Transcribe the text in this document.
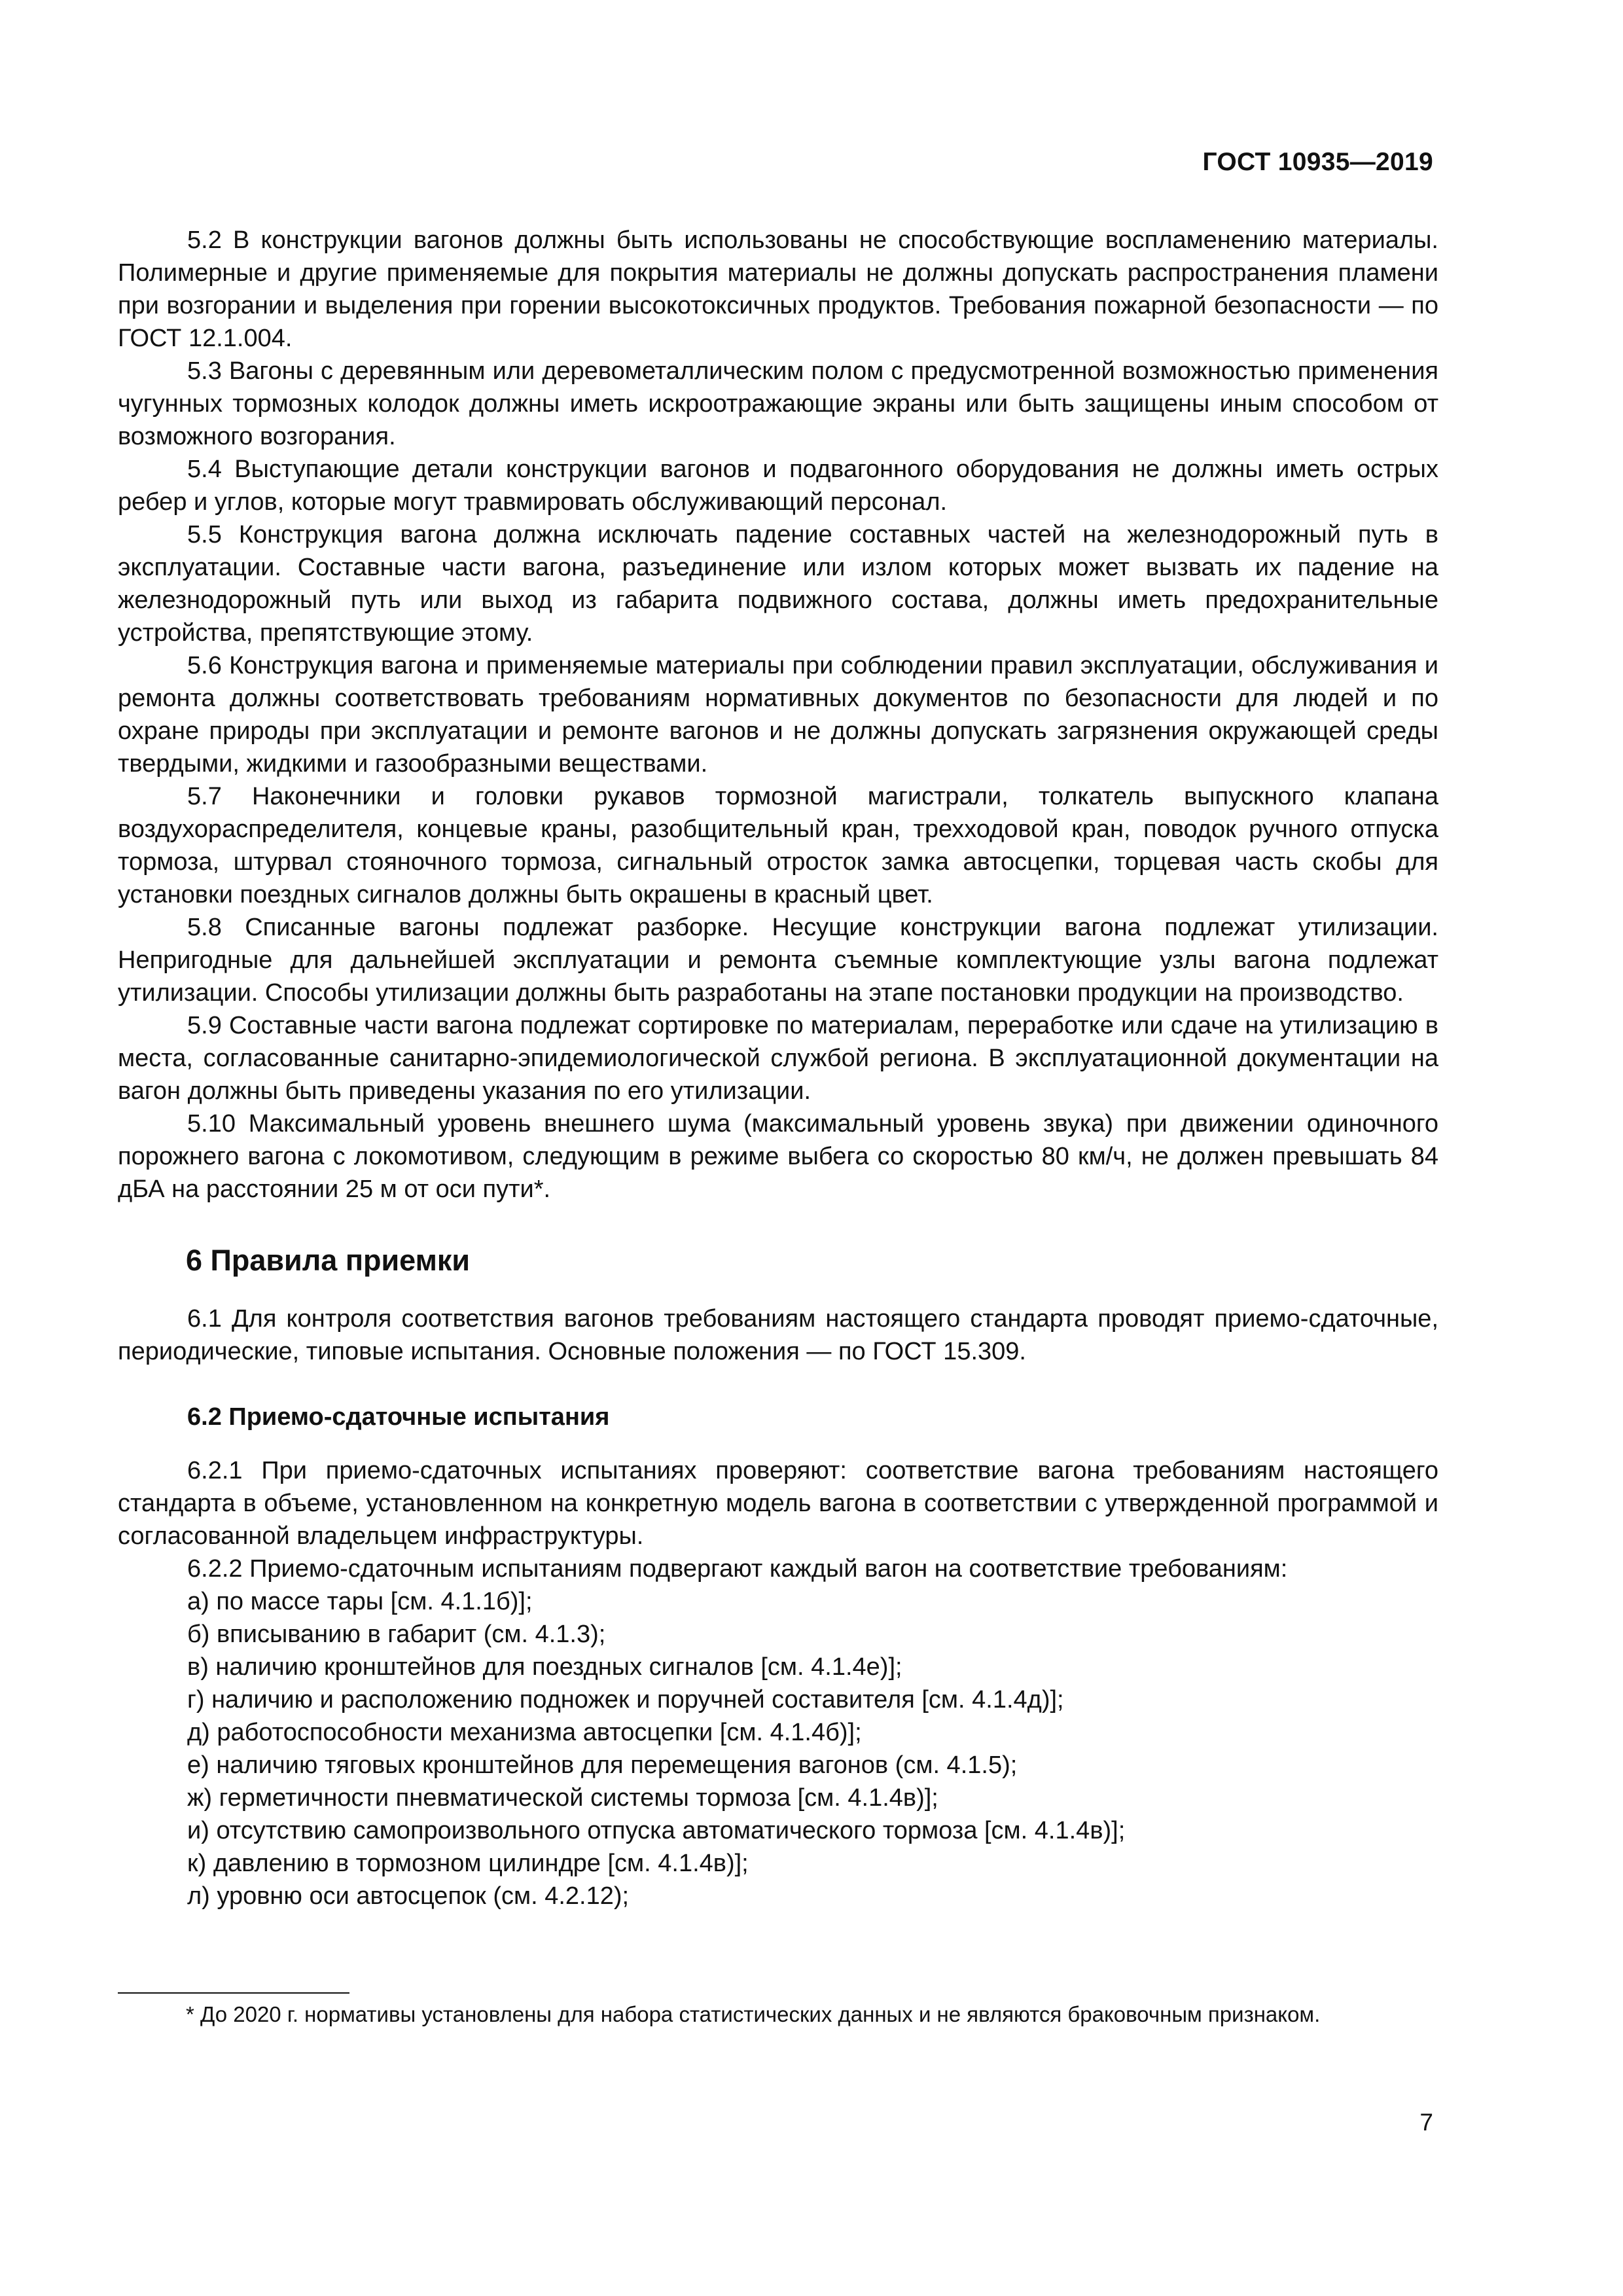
ГОСТ 10935—2019

5.2 В конструкции вагонов должны быть использованы не способствующие воспламенению материалы. Полимерные и другие применяемые для покрытия материалы не должны допускать распространения пламени при возгорании и выделения при горении высокотоксичных продуктов. Требования пожарной безопасности — по ГОСТ 12.1.004.

5.3 Вагоны с деревянным или деревометаллическим полом с предусмотренной возможностью применения чугунных тормозных колодок должны иметь искроотражающие экраны или быть защищены иным способом от возможного возгорания.

5.4 Выступающие детали конструкции вагонов и подвагонного оборудования не должны иметь острых ребер и углов, которые могут травмировать обслуживающий персонал.

5.5 Конструкция вагона должна исключать падение составных частей на железнодорожный путь в эксплуатации. Составные части вагона, разъединение или излом которых может вызвать их падение на железнодорожный путь или выход из габарита подвижного состава, должны иметь предохранительные устройства, препятствующие этому.

5.6 Конструкция вагона и применяемые материалы при соблюдении правил эксплуатации, обслуживания и ремонта должны соответствовать требованиям нормативных документов по безопасности для людей и по охране природы при эксплуатации и ремонте вагонов и не должны допускать загрязнения окружающей среды твердыми, жидкими и газообразными веществами.

5.7 Наконечники и головки рукавов тормозной магистрали, толкатель выпускного клапана воздухораспределителя, концевые краны, разобщительный кран, трехходовой кран, поводок ручного отпуска тормоза, штурвал стояночного тормоза, сигнальный отросток замка автосцепки, торцевая часть скобы для установки поездных сигналов должны быть окрашены в красный цвет.

5.8 Списанные вагоны подлежат разборке. Несущие конструкции вагона подлежат утилизации. Непригодные для дальнейшей эксплуатации и ремонта съемные комплектующие узлы вагона подлежат утилизации. Способы утилизации должны быть разработаны на этапе постановки продукции на производство.

5.9 Составные части вагона подлежат сортировке по материалам, переработке или сдаче на утилизацию в места, согласованные санитарно-эпидемиологической службой региона. В эксплуатационной документации на вагон должны быть приведены указания по его утилизации.

5.10 Максимальный уровень внешнего шума (максимальный уровень звука) при движении одиночного порожнего вагона с локомотивом, следующим в режиме выбега со скоростью 80 км/ч, не должен превышать 84 дБА на расстоянии 25 м от оси пути*.

6 Правила приемки

6.1 Для контроля соответствия вагонов требованиям настоящего стандарта проводят приемо-сдаточные, периодические, типовые испытания. Основные положения — по ГОСТ 15.309.

6.2 Приемо-сдаточные испытания

6.2.1 При приемо-сдаточных испытаниях проверяют: соответствие вагона требованиям настоящего стандарта в объеме, установленном на конкретную модель вагона в соответствии с утвержденной программой и согласованной владельцем инфраструктуры.

6.2.2 Приемо-сдаточным испытаниям подвергают каждый вагон на соответствие требованиям:

а) по массе тары [см. 4.1.1б)];
б) вписыванию в габарит (см. 4.1.3);
в) наличию кронштейнов для поездных сигналов [см. 4.1.4е)];
г) наличию и расположению подножек и поручней составителя [см. 4.1.4д)];
д) работоспособности механизма автосцепки [см. 4.1.4б)];
е) наличию тяговых кронштейнов для перемещения вагонов (см. 4.1.5);
ж) герметичности пневматической системы тормоза [см. 4.1.4в)];
и) отсутствию самопроизвольного отпуска автоматического тормоза [см. 4.1.4в)];
к) давлению в тормозном цилиндре [см. 4.1.4в)];
л) уровню оси автосцепок (см. 4.2.12);
* До 2020 г. нормативы установлены для набора статистических данных и не являются браковочным признаком.
7
